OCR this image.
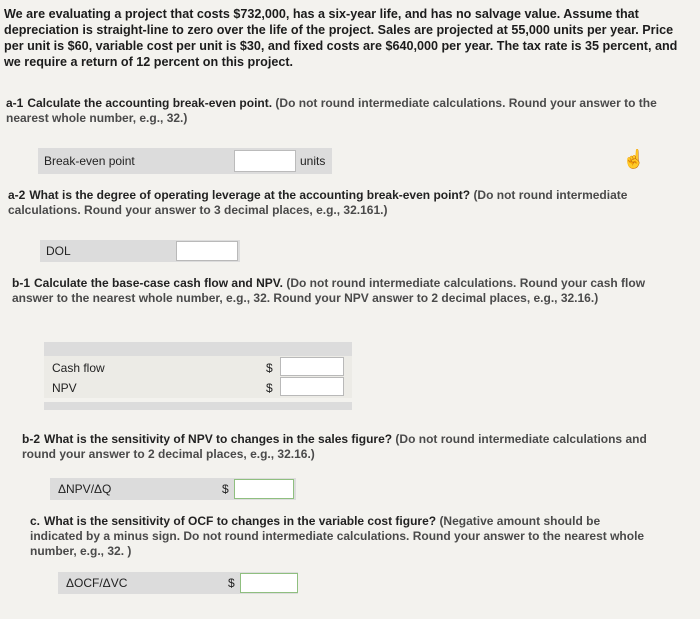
We are evaluating a project that costs $732,000, has a six-year life, and has no salvage value. Assume that depreciation is straight-line to zero over the life of the project. Sales are projected at 55,000 units per year. Price per unit is $60, variable cost per unit is $30, and fixed costs are $640,000 per year. The tax rate is 35 percent, and we require a return of 12 percent on this project.
a-1 Calculate the accounting break-even point. (Do not round intermediate calculations. Round your answer to the nearest whole number, e.g., 32.)
Break-even point	units	☝
a-2 What is the degree of operating leverage at the accounting break-even point? (Do not round intermediate calculations. Round your answer to 3 decimal places, e.g., 32.161.)
DOL
b-1 Calculate the base-case cash flow and NPV. (Do not round intermediate calculations. Round your cash flow answer to the nearest whole number, e.g., 32. Round your NPV answer to 2 decimal places, e.g., 32.16.)
Cash flow	$
NPV	$
b-2 What is the sensitivity of NPV to changes in the sales figure? (Do not round intermediate calculations and round your answer to 2 decimal places, e.g., 32.16.)
ΔNPV/ΔQ	$
c. What is the sensitivity of OCF to changes in the variable cost figure? (Negative amount should be indicated by a minus sign. Do not round intermediate calculations. Round your answer to the nearest whole number, e.g., 32. )
ΔOCF/ΔVC	$
